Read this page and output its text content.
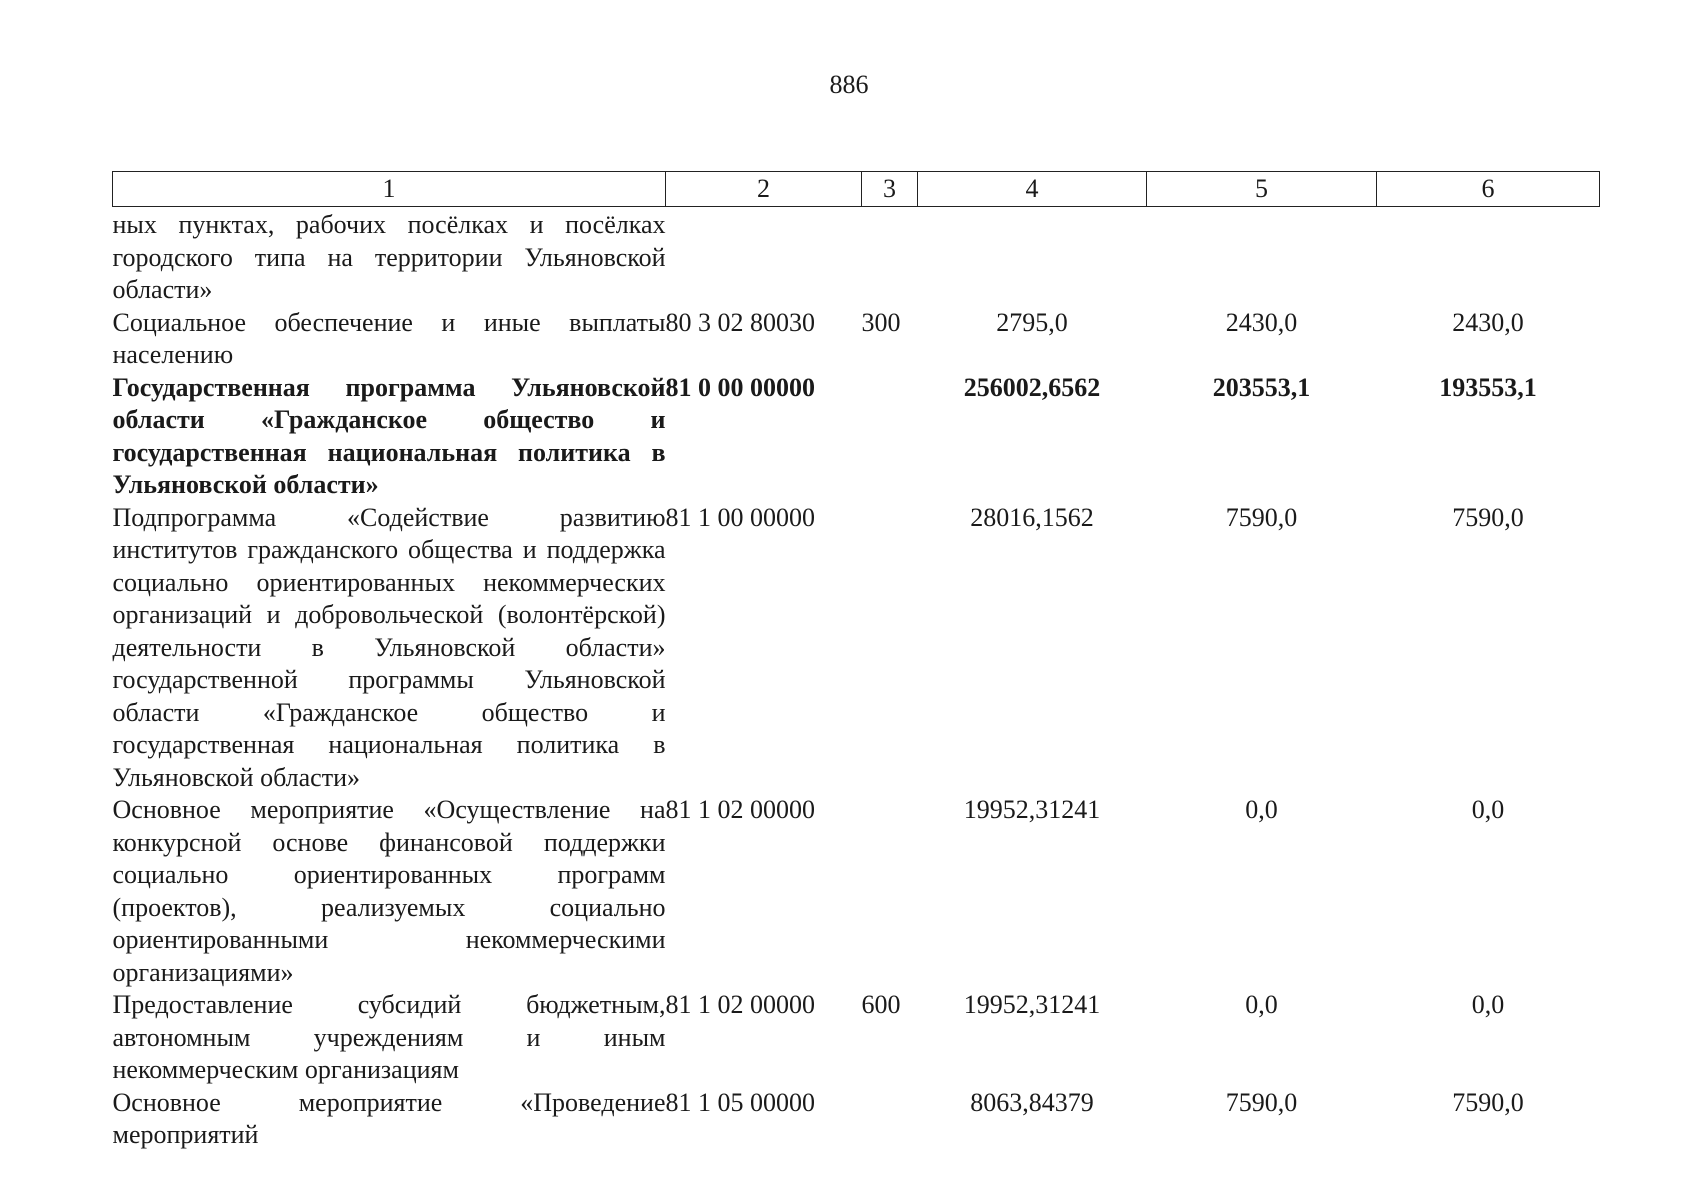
886
1	2	3	4	5	6
ных пунктах, рабочих посёлках и посёлках городского типа на территории Ульяновской области»					
Социальное обеспечение и иные выплаты населению	80 3 02 80030	300	2795,0	2430,0	2430,0
Государственная программа Ульяновской области «Гражданское общество и государственная национальная политика в Ульяновской области»	81 0 00 00000		256002,6562	203553,1	193553,1
Подпрограмма «Содействие развитию институтов гражданского общества и поддержка социально ориентированных некоммерческих организаций и добровольческой (волонтёрской) деятельности в Ульяновской области» государственной программы Ульяновской области «Гражданское общество и государственная национальная политика в Ульяновской области»	81 1 00 00000		28016,1562	7590,0	7590,0
Основное мероприятие «Осуществление на конкурсной основе финансовой поддержки социально ориентированных программ (проектов), реализуемых социально ориентированными некоммерческими организациями»	81 1 02 00000		19952,31241	0,0	0,0
Предоставление субсидий бюджетным, автономным учреждениям и иным некоммерческим организациям	81 1 02 00000	600	19952,31241	0,0	0,0
Основное мероприятие «Проведение мероприятий	81 1 05 00000		8063,84379	7590,0	7590,0
